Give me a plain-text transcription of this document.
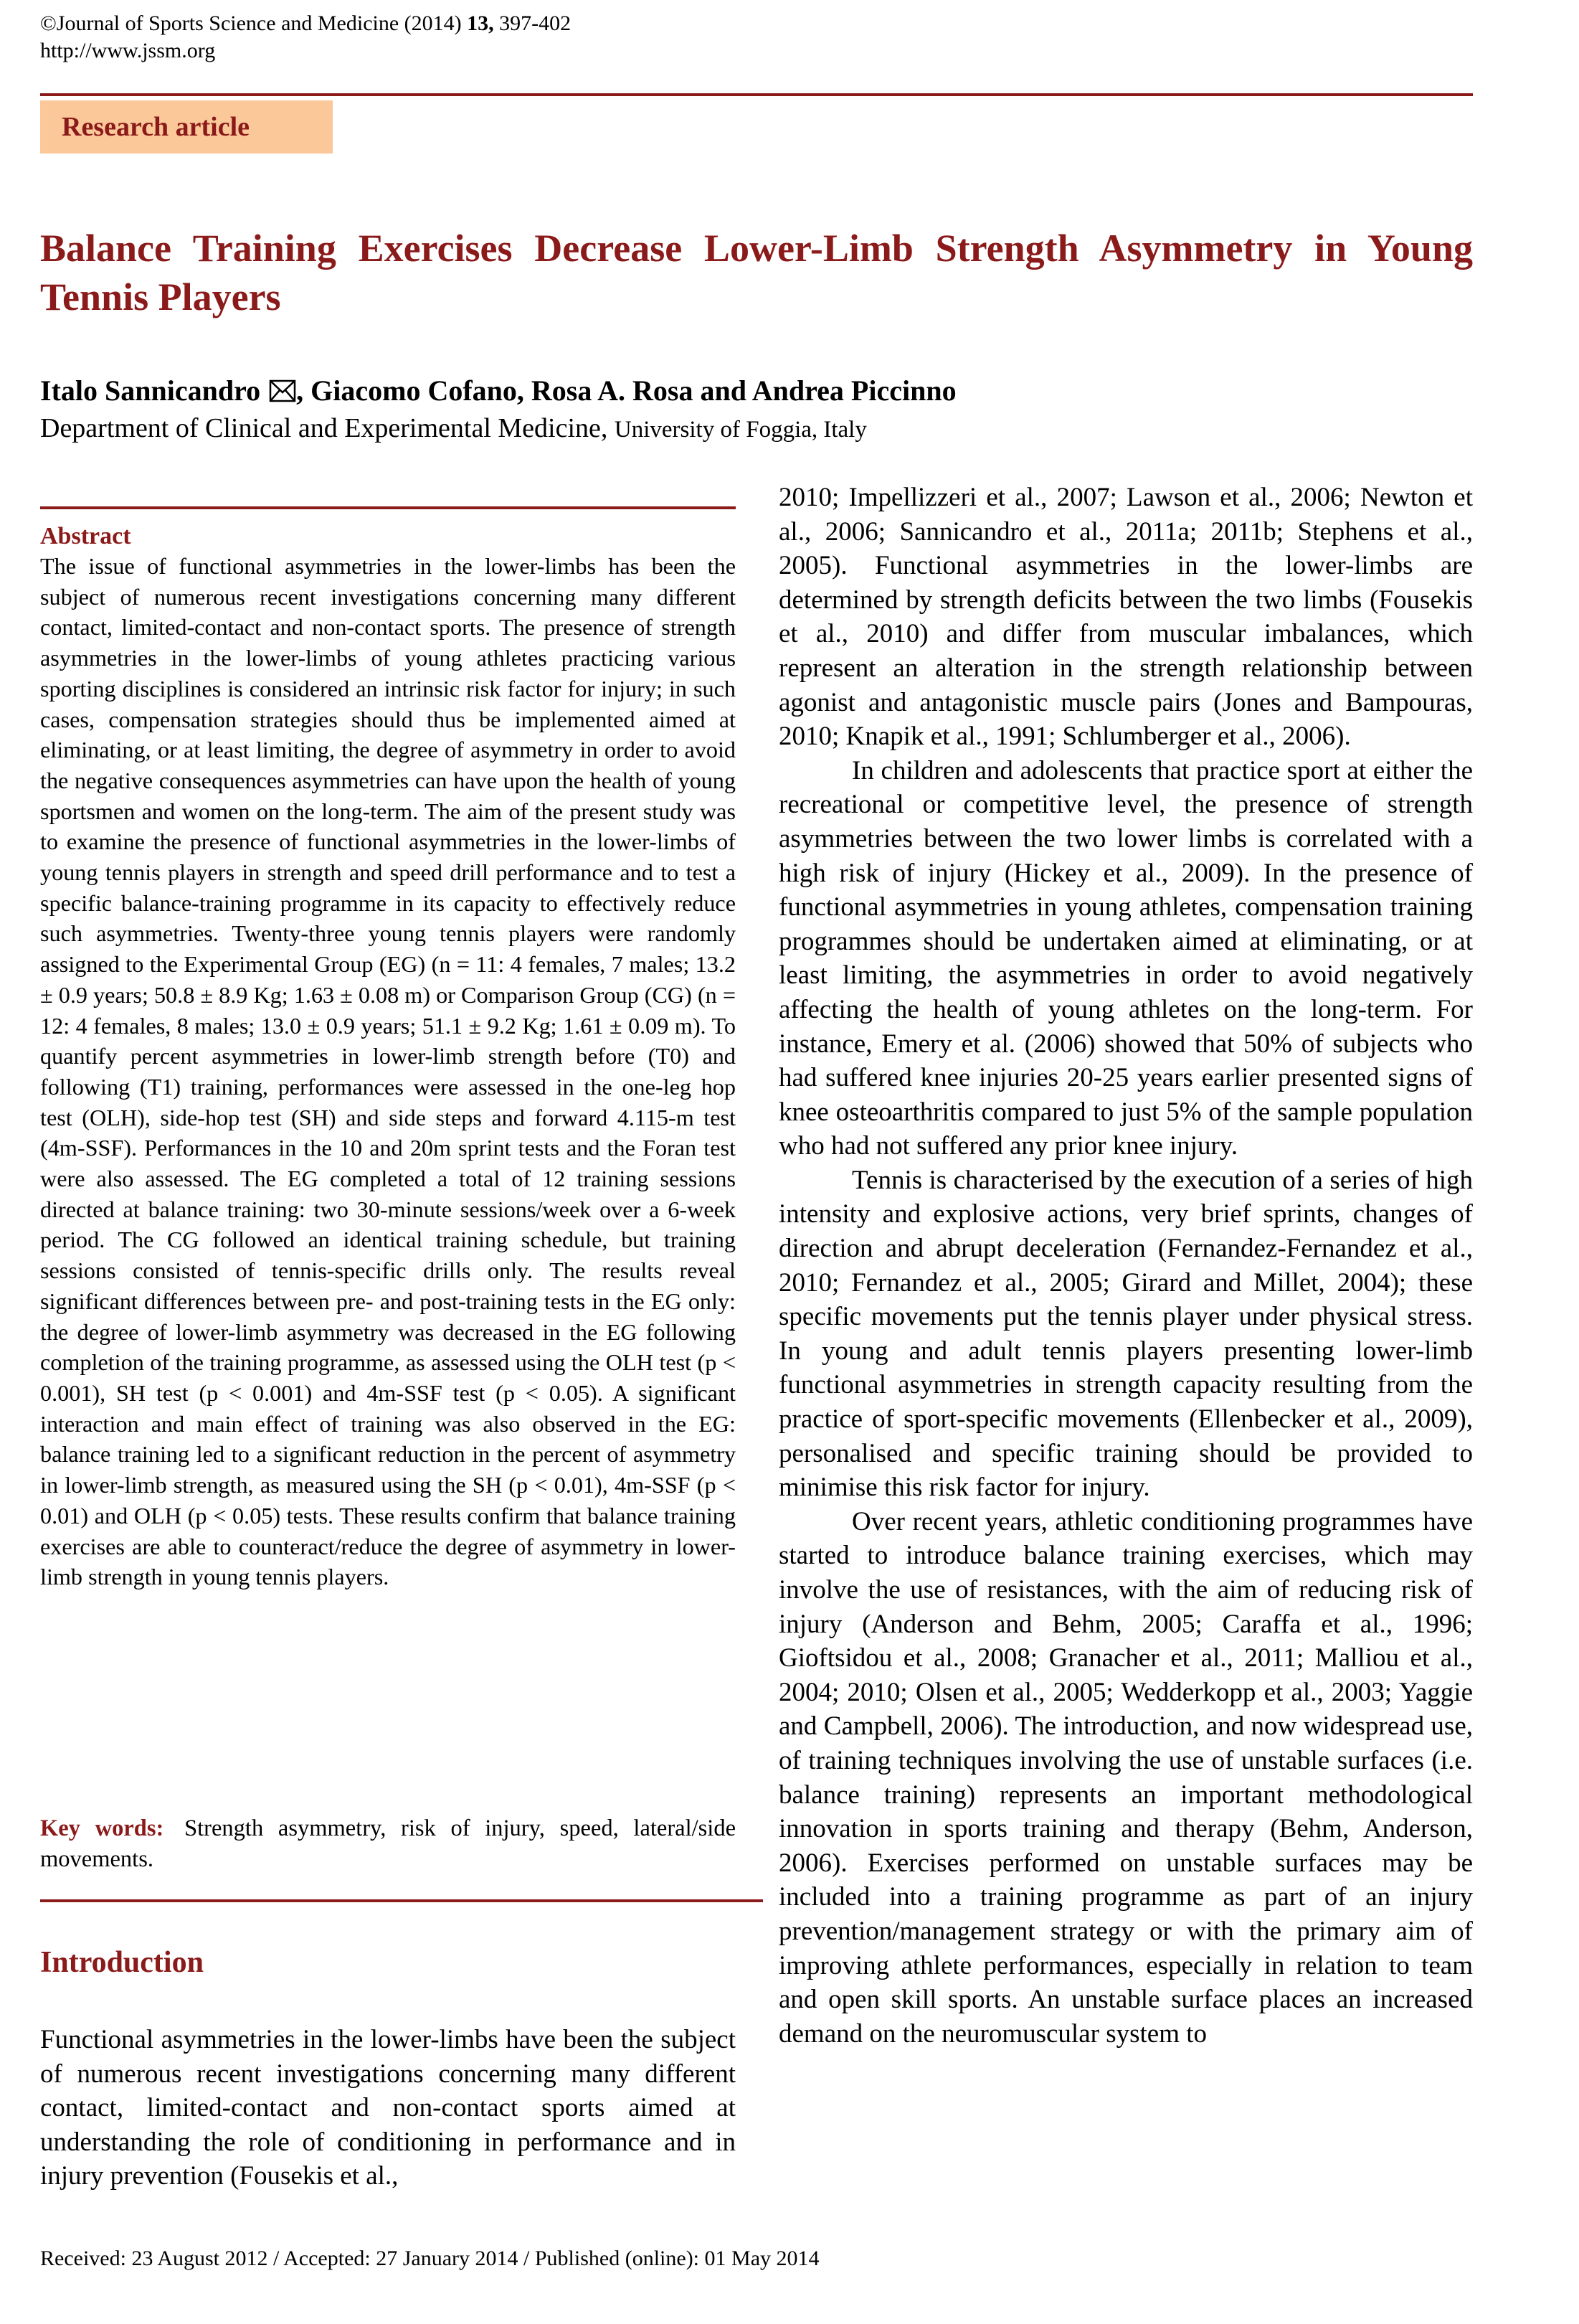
©Journal of Sports Science and Medicine (2014) 13, 397-402
http://www.jssm.org
Research article
Balance Training Exercises Decrease Lower-Limb Strength Asymmetry in Young Tennis Players
Italo Sannicandro , Giacomo Cofano, Rosa A. Rosa and Andrea Piccinno
Department of Clinical and Experimental Medicine, University of Foggia, Italy
Abstract

The issue of functional asymmetries in the lower-limbs has been the subject of numerous recent investigations concerning many different contact, limited-contact and non-contact sports. The presence of strength asymmetries in the lower-limbs of young athletes practicing various sporting disciplines is considered an intrinsic risk factor for injury; in such cases, compensation strategies should thus be implemented aimed at eliminating, or at least limiting, the degree of asymmetry in order to avoid the negative consequences asymmetries can have upon the health of young sportsmen and women on the long-term. The aim of the present study was to examine the presence of functional asymmetries in the lower-limbs of young tennis players in strength and speed drill performance and to test a specific balance-training programme in its capacity to effectively reduce such asymmetries. Twenty-three young tennis players were randomly assigned to the Experimental Group (EG) (n = 11: 4 females, 7 males; 13.2 ± 0.9 years; 50.8 ± 8.9 Kg; 1.63 ± 0.08 m) or Comparison Group (CG) (n = 12: 4 females, 8 males; 13.0 ± 0.9 years; 51.1 ± 9.2 Kg; 1.61 ± 0.09 m). To quantify percent asymmetries in lower-limb strength before (T0) and following (T1) training, performances were assessed in the one-leg hop test (OLH), side-hop test (SH) and side steps and forward 4.115-m test (4m-SSF). Performances in the 10 and 20m sprint tests and the Foran test were also assessed. The EG completed a total of 12 training sessions directed at balance training: two 30-minute sessions/week over a 6-week period. The CG followed an identical training schedule, but training sessions consisted of tennis-specific drills only. The results reveal significant differences between pre- and post-training tests in the EG only: the degree of lower-limb asymmetry was decreased in the EG following completion of the training programme, as assessed using the OLH test (p < 0.001), SH test (p < 0.001) and 4m-SSF test (p < 0.05). A significant interaction and main effect of training was also observed in the EG: balance training led to a significant reduction in the percent of asymmetry in lower-limb strength, as measured using the SH (p < 0.01), 4m-SSF (p < 0.01) and OLH (p < 0.05) tests. These results confirm that balance training exercises are able to counteract/reduce the degree of asymmetry in lower-limb strength in young tennis players.

Key words: Strength asymmetry, risk of injury, speed, lateral/side movements.

Introduction

Functional asymmetries in the lower-limbs have been the subject of numerous recent investigations concerning many different contact, limited-contact and non-contact sports aimed at understanding the role of conditioning in performance and in injury prevention (Fousekis et al.,

2010; Impellizzeri et al., 2007; Lawson et al., 2006; Newton et al., 2006; Sannicandro et al., 2011a; 2011b; Stephens et al., 2005). Functional asymmetries in the lower-limbs are determined by strength deficits between the two limbs (Fousekis et al., 2010) and differ from muscular imbalances, which represent an alteration in the strength relationship between agonist and antagonistic muscle pairs (Jones and Bampouras, 2010; Knapik et al., 1991; Schlumberger et al., 2006).

In children and adolescents that practice sport at either the recreational or competitive level, the presence of strength asymmetries between the two lower limbs is correlated with a high risk of injury (Hickey et al., 2009). In the presence of functional asymmetries in young athletes, compensation training programmes should be undertaken aimed at eliminating, or at least limiting, the asymmetries in order to avoid negatively affecting the health of young athletes on the long-term. For instance, Emery et al. (2006) showed that 50% of subjects who had suffered knee injuries 20-25 years earlier presented signs of knee osteoarthritis compared to just 5% of the sample population who had not suffered any prior knee injury.

Tennis is characterised by the execution of a series of high intensity and explosive actions, very brief sprints, changes of direction and abrupt deceleration (Fernandez-Fernandez et al., 2010; Fernandez et al., 2005; Girard and Millet, 2004); these specific movements put the tennis player under physical stress. In young and adult tennis players presenting lower-limb functional asymmetries in strength capacity resulting from the practice of sport-specific movements (Ellenbecker et al., 2009), personalised and specific training should be provided to minimise this risk factor for injury.

Over recent years, athletic conditioning programmes have started to introduce balance training exercises, which may involve the use of resistances, with the aim of reducing risk of injury (Anderson and Behm, 2005; Caraffa et al., 1996; Gioftsidou et al., 2008; Granacher et al., 2011; Malliou et al., 2004; 2010; Olsen et al., 2005; Wedderkopp et al., 2003; Yaggie and Campbell, 2006). The introduction, and now widespread use, of training techniques involving the use of unstable surfaces (i.e. balance training) represents an important methodological innovation in sports training and therapy (Behm, Anderson, 2006). Exercises performed on unstable surfaces may be included into a training programme as part of an injury prevention/management strategy or with the primary aim of improving athlete performances, especially in relation to team and open skill sports. An unstable surface places an increased demand on the neuromuscular system to

Received: 23 August 2012 / Accepted: 27 January 2014 / Published (online): 01 May 2014
